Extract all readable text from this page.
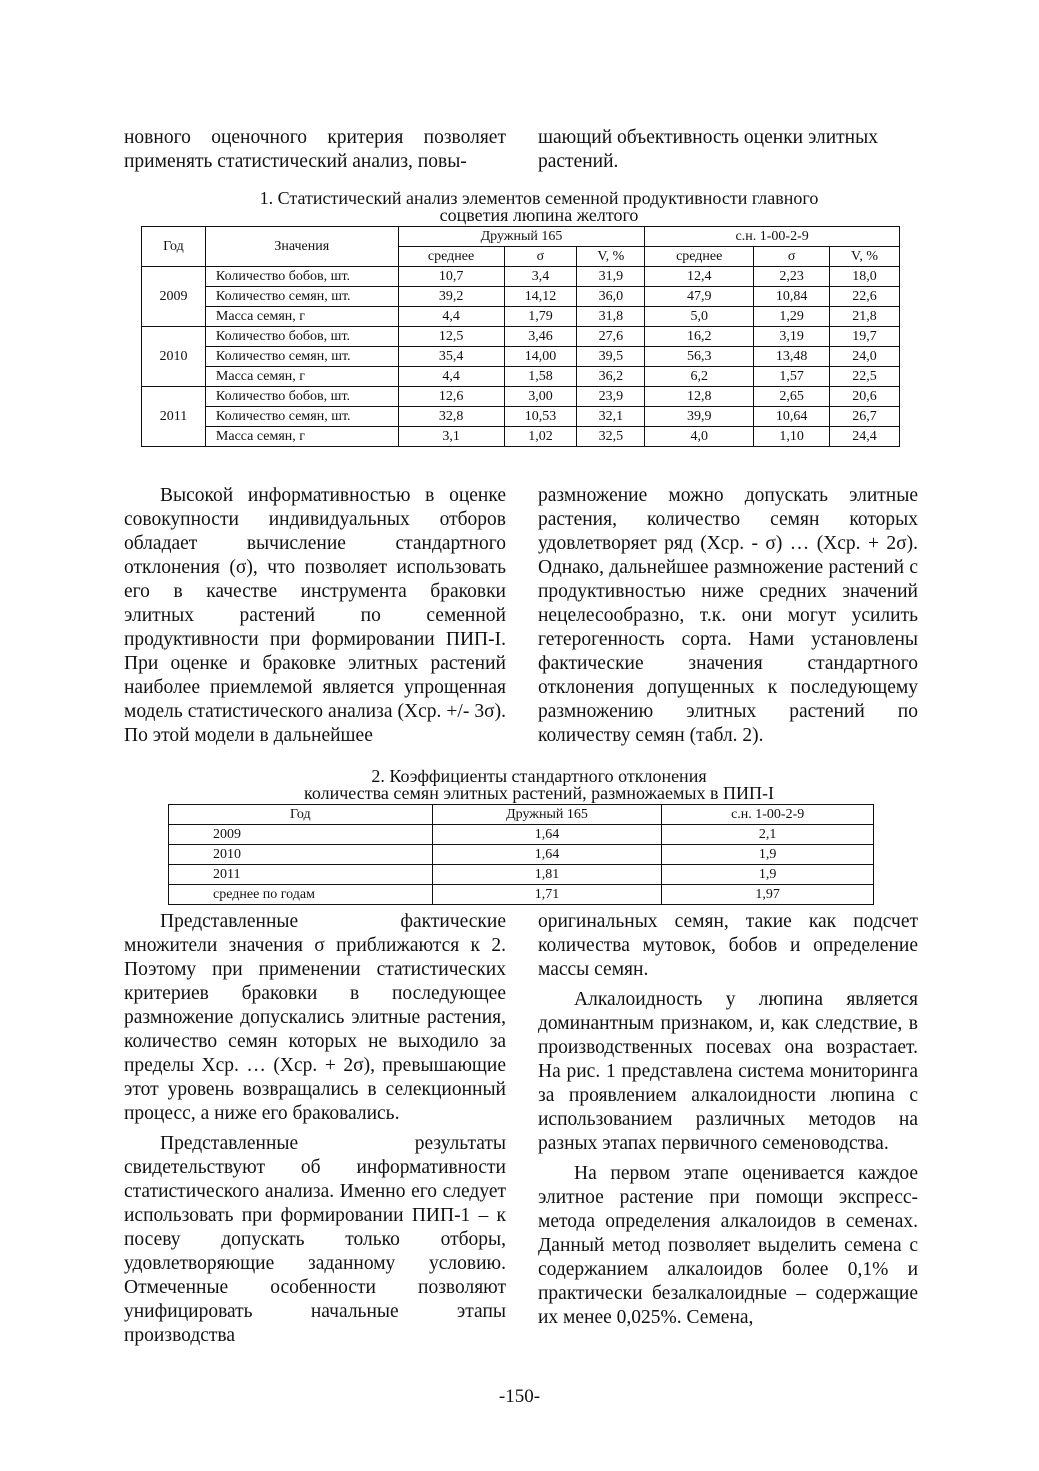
новного оценочного критерия позволяет применять статистический анализ, повы-

шающий объективность оценки элитных растений.

1. Статистический анализ элементов семенной продуктивности главного
соцветия люпина желтого
Год	Значения	Дружный 165			с.н. 1-00-2-9		
		среднее	σ	V, %	среднее	σ	V, %
2009	Количество бобов, шт.	10,7	3,4	31,9	12,4	2,23	18,0
	Количество семян, шт.	39,2	14,12	36,0	47,9	10,84	22,6
	Масса семян, г	4,4	1,79	31,8	5,0	1,29	21,8
2010	Количество бобов, шт.	12,5	3,46	27,6	16,2	3,19	19,7
	Количество семян, шт.	35,4	14,00	39,5	56,3	13,48	24,0
	Масса семян, г	4,4	1,58	36,2	6,2	1,57	22,5
2011	Количество бобов, шт.	12,6	3,00	23,9	12,8	2,65	20,6
	Количество семян, шт.	32,8	10,53	32,1	39,9	10,64	26,7
	Масса семян, г	3,1	1,02	32,5	4,0	1,10	24,4

Высокой информативностью в оценке совокупности индивидуальных отборов обладает вычисление стандартного отклонения (σ), что позволяет использовать его в качестве инструмента браковки элитных растений по семенной продуктивности при формировании ПИП-I. При оценке и браковке элитных растений наиболее приемлемой является упрощенная модель статистического анализа (Хср. +/- 3σ). По этой модели в дальнейшее

размножение можно допускать элитные растения, количество семян которых удовлетворяет ряд (Хср. - σ) … (Хср. + 2σ). Однако, дальнейшее размножение растений с продуктивностью ниже средних значений нецелесообразно, т.к. они могут усилить гетерогенность сорта. Нами установлены фактические значения стандартного отклонения допущенных к последующему размножению элитных растений по количеству семян (табл. 2).

2. Коэффициенты стандартного отклонения
количества семян элитных растений, размножаемых в ПИП-I
Год	Дружный 165	с.н. 1-00-2-9
2009	1,64	2,1
2010	1,64	1,9
2011	1,81	1,9
среднее по годам	1,71	1,97

Представленные фактические множители значения σ приближаются к 2. Поэтому при применении статистических критериев браковки в последующее размножение допускались элитные растения, количество семян которых не выходило за пределы Хср. … (Хср. + 2σ), превышающие этот уровень возвращались в селекционный процесс, а ниже его браковались.

Представленные результаты свидетельствуют об информативности статистического анализа. Именно его следует использовать при формировании ПИП-1 – к посеву допускать только отборы, удовлетворяющие заданному условию. Отмеченные особенности позволяют унифицировать начальные этапы производства

оригинальных семян, такие как подсчет количества мутовок, бобов и определение массы семян.

Алкалоидность у люпина является доминантным признаком, и, как следствие, в производственных посевах она возрастает. На рис. 1 представлена система мониторинга за проявлением алкалоидности люпина с использованием различных методов на разных этапах первичного семеноводства.

На первом этапе оценивается каждое элитное растение при помощи экспресс-метода определения алкалоидов в семенах. Данный метод позволяет выделить семена с содержанием алкалоидов более 0,1% и практически безалкалоидные – содержащие их менее 0,025%. Семена,

-150-
